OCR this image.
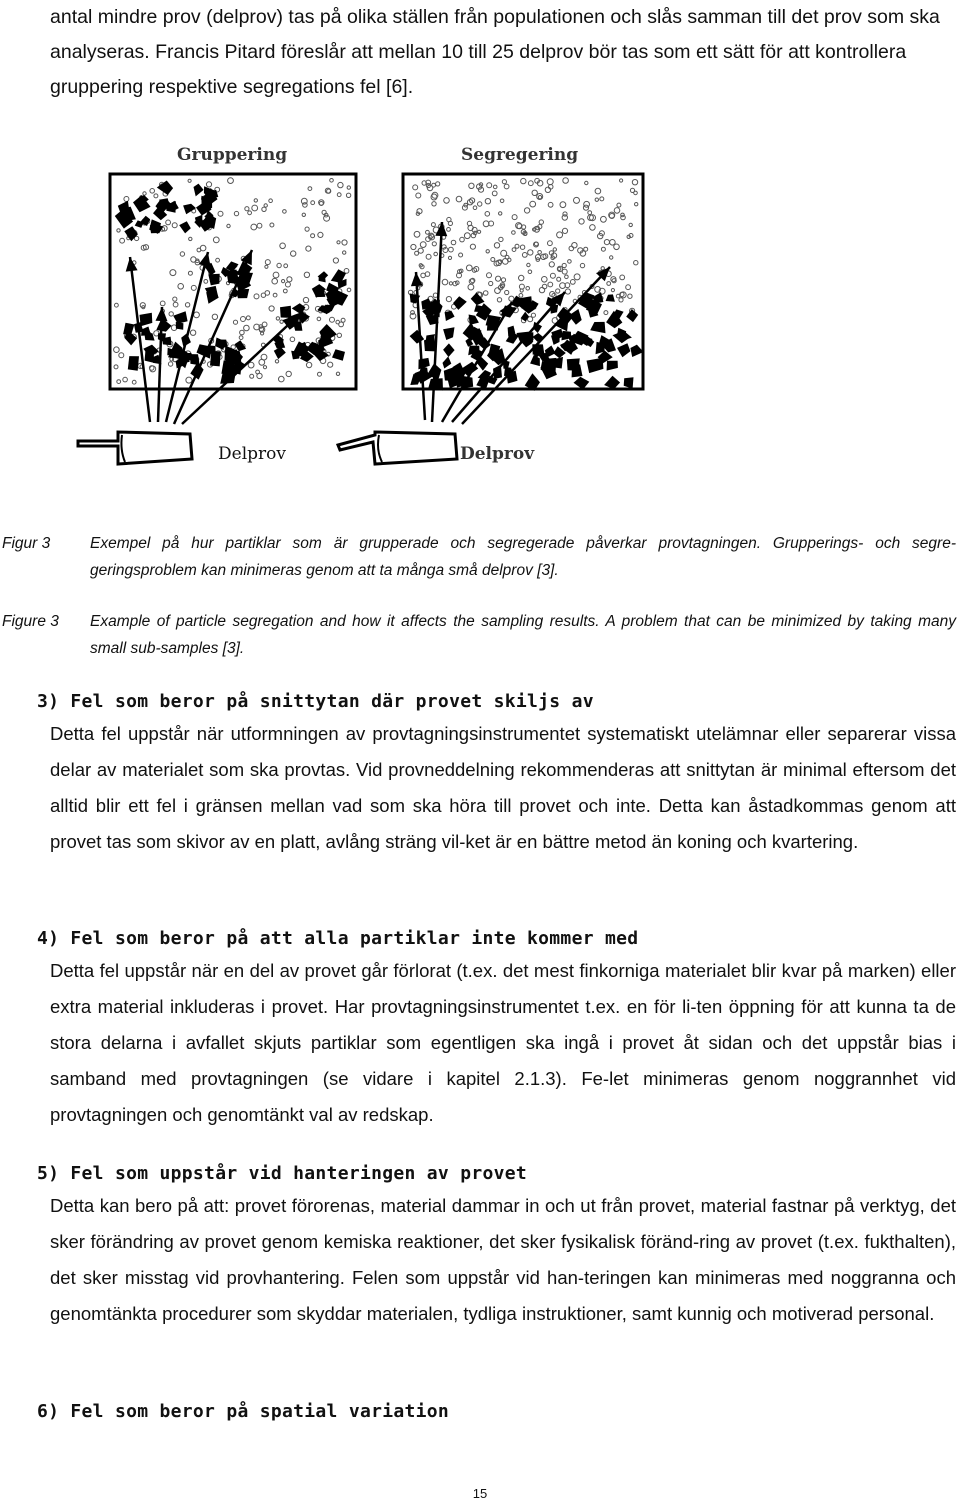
antal mindre prov (delprov) tas på olika ställen från populationen och slås samman till det prov som ska analyseras. Francis Pitard föreslår att mellan 10 till 25 delprov bör tas som ett sätt för att kontrollera gruppering respektive segregations fel [6].

Gruppering	Segregering
Delprov	Delprov
Figur 3	Exempel på hur partiklar som är grupperade och segregerade påverkar provtagningen. Grupperings- och segre-geringsproblem kan minimeras genom att ta många små delprov [3].
Figure 3	Example of particle segregation and how it affects the sampling results. A problem that can be minimized by taking many small sub-samples [3].
3) Fel som beror på snittytan där provet skiljs av

Detta fel uppstår när utformningen av provtagningsinstrumentet systematiskt utelämnar eller separerar vissa delar av materialet som ska provtas. Vid provneddelning rekommenderas att snittytan är minimal eftersom det alltid blir ett fel i gränsen mellan vad som ska höra till provet och inte. Detta kan åstadkommas genom att provet tas som skivor av en platt, avlång sträng vil-ket är en bättre metod än koning och kvartering.

4) Fel som beror på att alla partiklar inte kommer med

Detta fel uppstår när en del av provet går förlorat (t.ex. det mest finkorniga materialet blir kvar på marken) eller extra material inkluderas i provet. Har provtagningsinstrumentet t.ex. en för li-ten öppning för att kunna ta de stora delarna i avfallet skjuts partiklar som egentligen ska ingå i provet åt sidan och det uppstår bias i samband med provtagningen (se vidare i kapitel 2.1.3). Fe-let minimeras genom noggrannhet vid provtagningen och genomtänkt val av redskap.

5) Fel som uppstår vid hanteringen av provet

Detta kan bero på att: provet förorenas, material dammar in och ut från provet, material fastnar på verktyg, det sker förändring av provet genom kemiska reaktioner, det sker fysikalisk föränd-ring av provet (t.ex. fukthalten), det sker misstag vid provhantering. Felen som uppstår vid han-teringen kan minimeras med noggranna och genomtänkta procedurer som skyddar materialen, tydliga instruktioner, samt kunnig och motiverad personal.

6) Fel som beror på spatial variation

15
